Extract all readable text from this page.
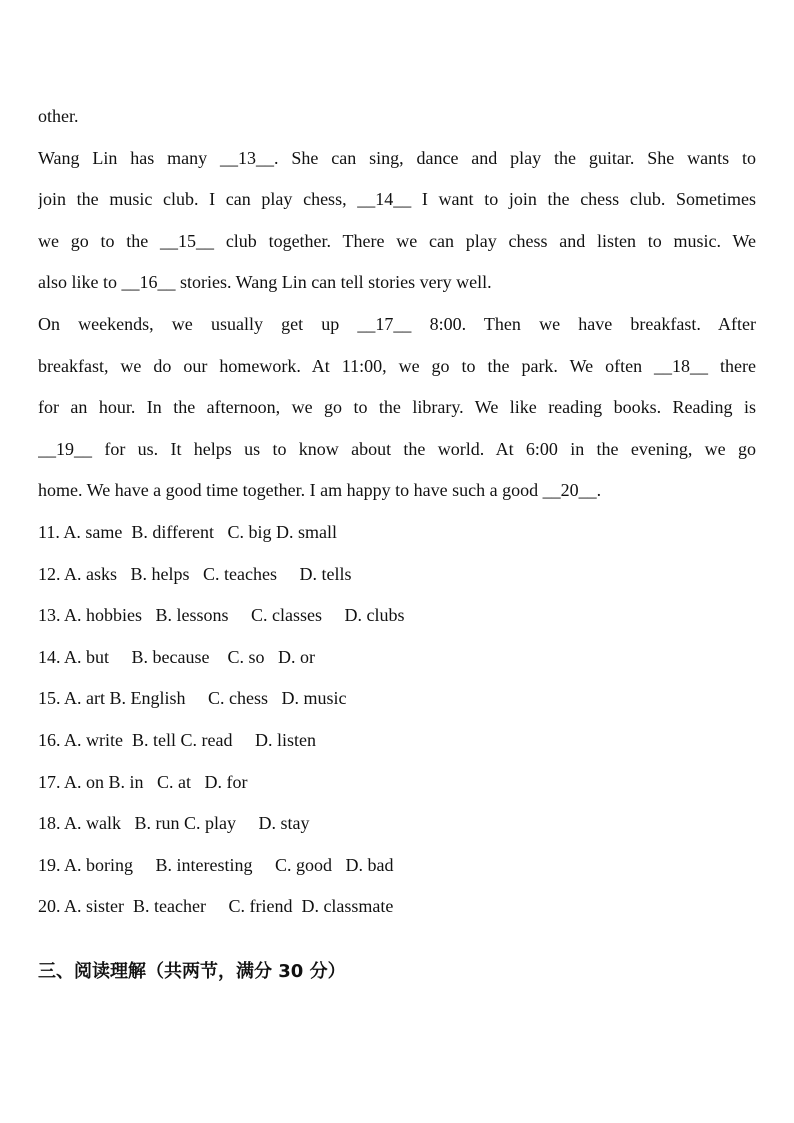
other.
Wang Lin has many __13__. She can sing, dance and play the guitar. She wants to
join the music club. I can play chess, __14__ I want to join the chess club. Sometimes
we go to the __15__ club together. There we can play chess and listen to music. We
also like to __16__ stories. Wang Lin can tell stories very well.
On weekends, we usually get up __17__ 8:00. Then we have breakfast. After
breakfast, we do our homework. At 11:00, we go to the park. We often __18__ there
for an hour. In the afternoon, we go to the library. We like reading books. Reading is
__19__ for us. It helps us to know about the world. At 6:00 in the evening, we go
home. We have a good time together. I am happy to have such a good __20__.
11. A. same  B. different   C. big D. small
12. A. asks   B. helps   C. teaches     D. tells
13. A. hobbies   B. lessons     C. classes     D. clubs
14. A. but     B. because    C. so   D. or
15. A. art B. English     C. chess   D. music
16. A. write  B. tell C. read     D. listen
17. A. on B. in   C. at   D. for
18. A. walk   B. run C. play     D. stay
19. A. boring     B. interesting     C. good   D. bad
20. A. sister  B. teacher     C. friend  D. classmate
三、阅读理解（共两节，满分 30 分）
